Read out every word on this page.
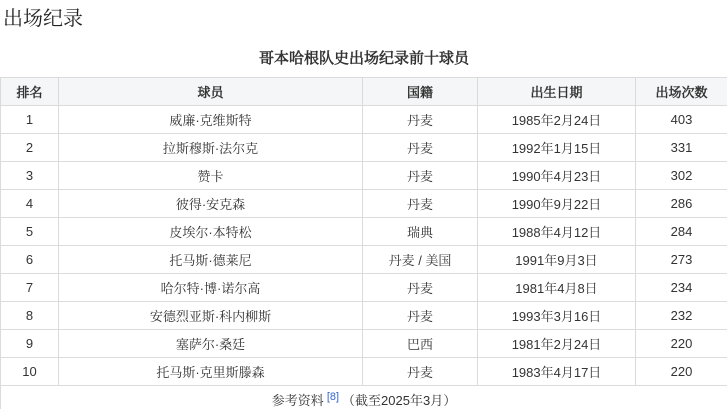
出场纪录
哥本哈根队史出场纪录前十球员
排名	球员	国籍	出生日期	出场次数
1	威廉·克维斯特	丹麦	1985年2月24日	403
2	拉斯穆斯·法尔克	丹麦	1992年1月15日	331
3	赞卡	丹麦	1990年4月23日	302
4	彼得·安克森	丹麦	1990年9月22日	286
5	皮埃尔·本特松	瑞典	1988年4月12日	284
6	托马斯·德莱尼	丹麦 / 美国	1991年9月3日	273
7	哈尔特·博·诺尔高	丹麦	1981年4月8日	234
8	安德烈亚斯·科内柳斯	丹麦	1993年3月16日	232
9	塞萨尔·桑廷	巴西	1981年2月24日	220
10	托马斯·克里斯滕森	丹麦	1983年4月17日	220
参考资料 [8] （截至2025年3月）				
